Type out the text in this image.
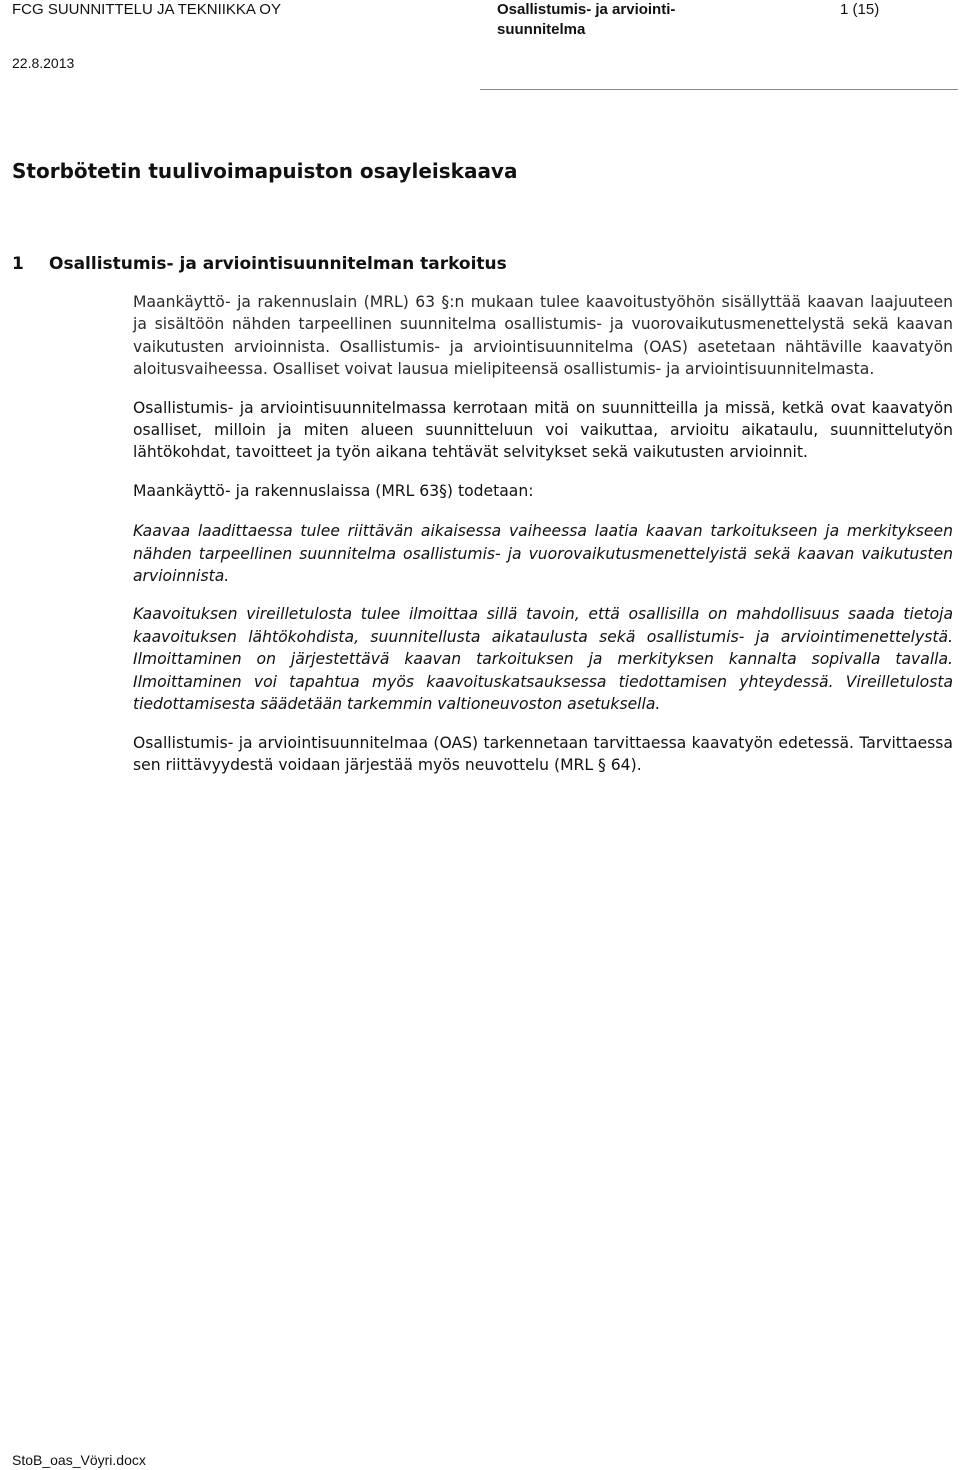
FCG SUUNNITTELU JA TEKNIIKKA OY
22.8.2013
Osallistumis- ja arviointi-
suunnitelma
1 (15)
Storbötetin tuulivoimapuiston osayleiskaava
1 Osallistumis- ja arviointisuunnitelman tarkoitus

Maankäyttö- ja rakennuslain (MRL) 63 §:n mukaan tulee kaavoitustyöhön sisällyttää kaavan laajuuteen ja sisältöön nähden tarpeellinen suunnitelma osallistumis- ja vuorovaikutusmenettelystä sekä kaavan vaikutusten arvioinnista. Osallistumis- ja arviointisuunnitelma (OAS) asetetaan nähtäville kaavatyön aloitusvaiheessa. Osalliset voivat lausua mielipiteensä osallistumis- ja arviointisuunnitelmasta.

Osallistumis- ja arviointisuunnitelmassa kerrotaan mitä on suunnitteilla ja missä, ketkä ovat kaavatyön osalliset, milloin ja miten alueen suunnitteluun voi vaikuttaa, arvioitu aikataulu, suunnittelutyön lähtökohdat, tavoitteet ja työn aikana tehtävät selvitykset sekä vaikutusten arvioinnit.

Maankäyttö- ja rakennuslaissa (MRL 63§) todetaan:

Kaavaa laadittaessa tulee riittävän aikaisessa vaiheessa laatia kaavan tarkoitukseen ja merkitykseen nähden tarpeellinen suunnitelma osallistumis- ja vuorovaikutusmenettelyistä sekä kaavan vaikutusten arvioinnista.

Kaavoituksen vireilletulosta tulee ilmoittaa sillä tavoin, että osallisilla on mahdollisuus saada tietoja kaavoituksen lähtökohdista, suunnitellusta aikataulusta sekä osallistumis- ja arviointimenettelystä. Ilmoittaminen on järjestettävä kaavan tarkoituksen ja merkityksen kannalta sopivalla tavalla. Ilmoittaminen voi tapahtua myös kaavoituskatsauksessa tiedottamisen yhteydessä. Vireilletulosta tiedottamisesta säädetään tarkemmin valtioneuvoston asetuksella.

Osallistumis- ja arviointisuunnitelmaa (OAS) tarkennetaan tarvittaessa kaavatyön edetessä. Tarvittaessa sen riittävyydestä voidaan järjestää myös neuvottelu (MRL § 64).

StoB_oas_Vöyri.docx
